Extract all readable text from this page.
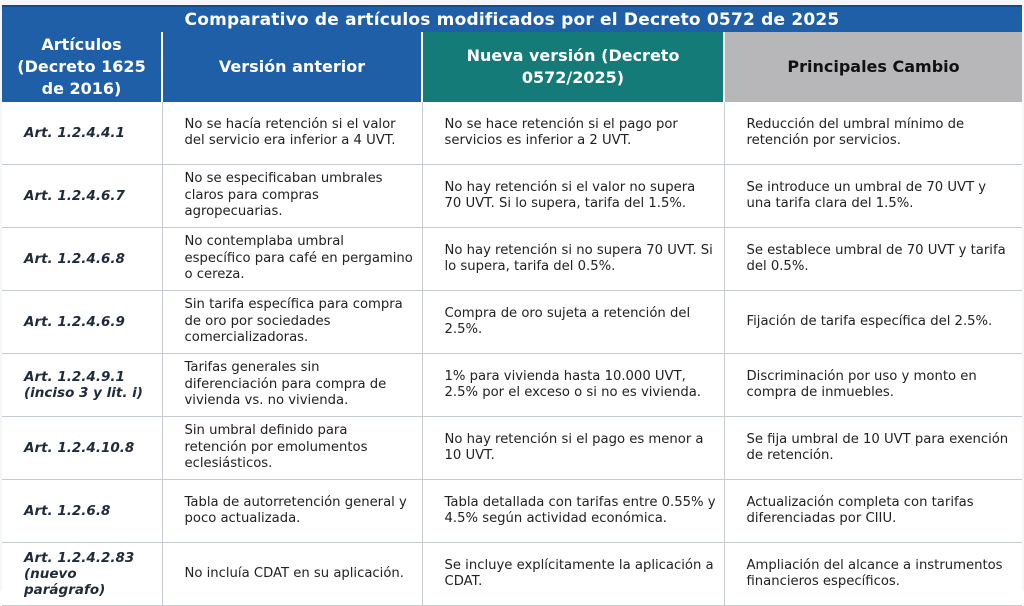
Comparativo de artículos modificados por el Decreto 0572 de 2025
Artículos (Decreto 1625 de 2016)	Versión anterior	Nueva versión (Decreto 0572/2025)	Principales Cambio
Art. 1.2.4.4.1	No se hacía retención si el valor del servicio era inferior a 4 UVT.	No se hace retención si el pago por servicios es inferior a 2 UVT.	Reducción del umbral mínimo de retención por servicios.
Art. 1.2.4.6.7	No se especificaban umbrales claros para compras agropecuarias.	No hay retención si el valor no supera 70 UVT. Si lo supera, tarifa del 1.5%.	Se introduce un umbral de 70 UVT y una tarifa clara del 1.5%.
Art. 1.2.4.6.8	No contemplaba umbral específico para café en pergamino o cereza.	No hay retención si no supera 70 UVT. Si lo supera, tarifa del 0.5%.	Se establece umbral de 70 UVT y tarifa del 0.5%.
Art. 1.2.4.6.9	Sin tarifa específica para compra de oro por sociedades comercializadoras.	Compra de oro sujeta a retención del 2.5%.	Fijación de tarifa específica del 2.5%.
Art. 1.2.4.9.1 (inciso 3 y lit. i)	Tarifas generales sin diferenciación para compra de vivienda vs. no vivienda.	1% para vivienda hasta 10.000 UVT, 2.5% por el exceso o si no es vivienda.	Discriminación por uso y monto en compra de inmuebles.
Art. 1.2.4.10.8	Sin umbral definido para retención por emolumentos eclesiásticos.	No hay retención si el pago es menor a 10 UVT.	Se fija umbral de 10 UVT para exención de retención.
Art. 1.2.6.8	Tabla de autorretención general y poco actualizada.	Tabla detallada con tarifas entre 0.55% y 4.5% según actividad económica.	Actualización completa con tarifas diferenciadas por CIIU.
Art. 1.2.4.2.83 (nuevo parágrafo)	No incluía CDAT en su aplicación.	Se incluye explícitamente la aplicación a CDAT.	Ampliación del alcance a instrumentos financieros específicos.
